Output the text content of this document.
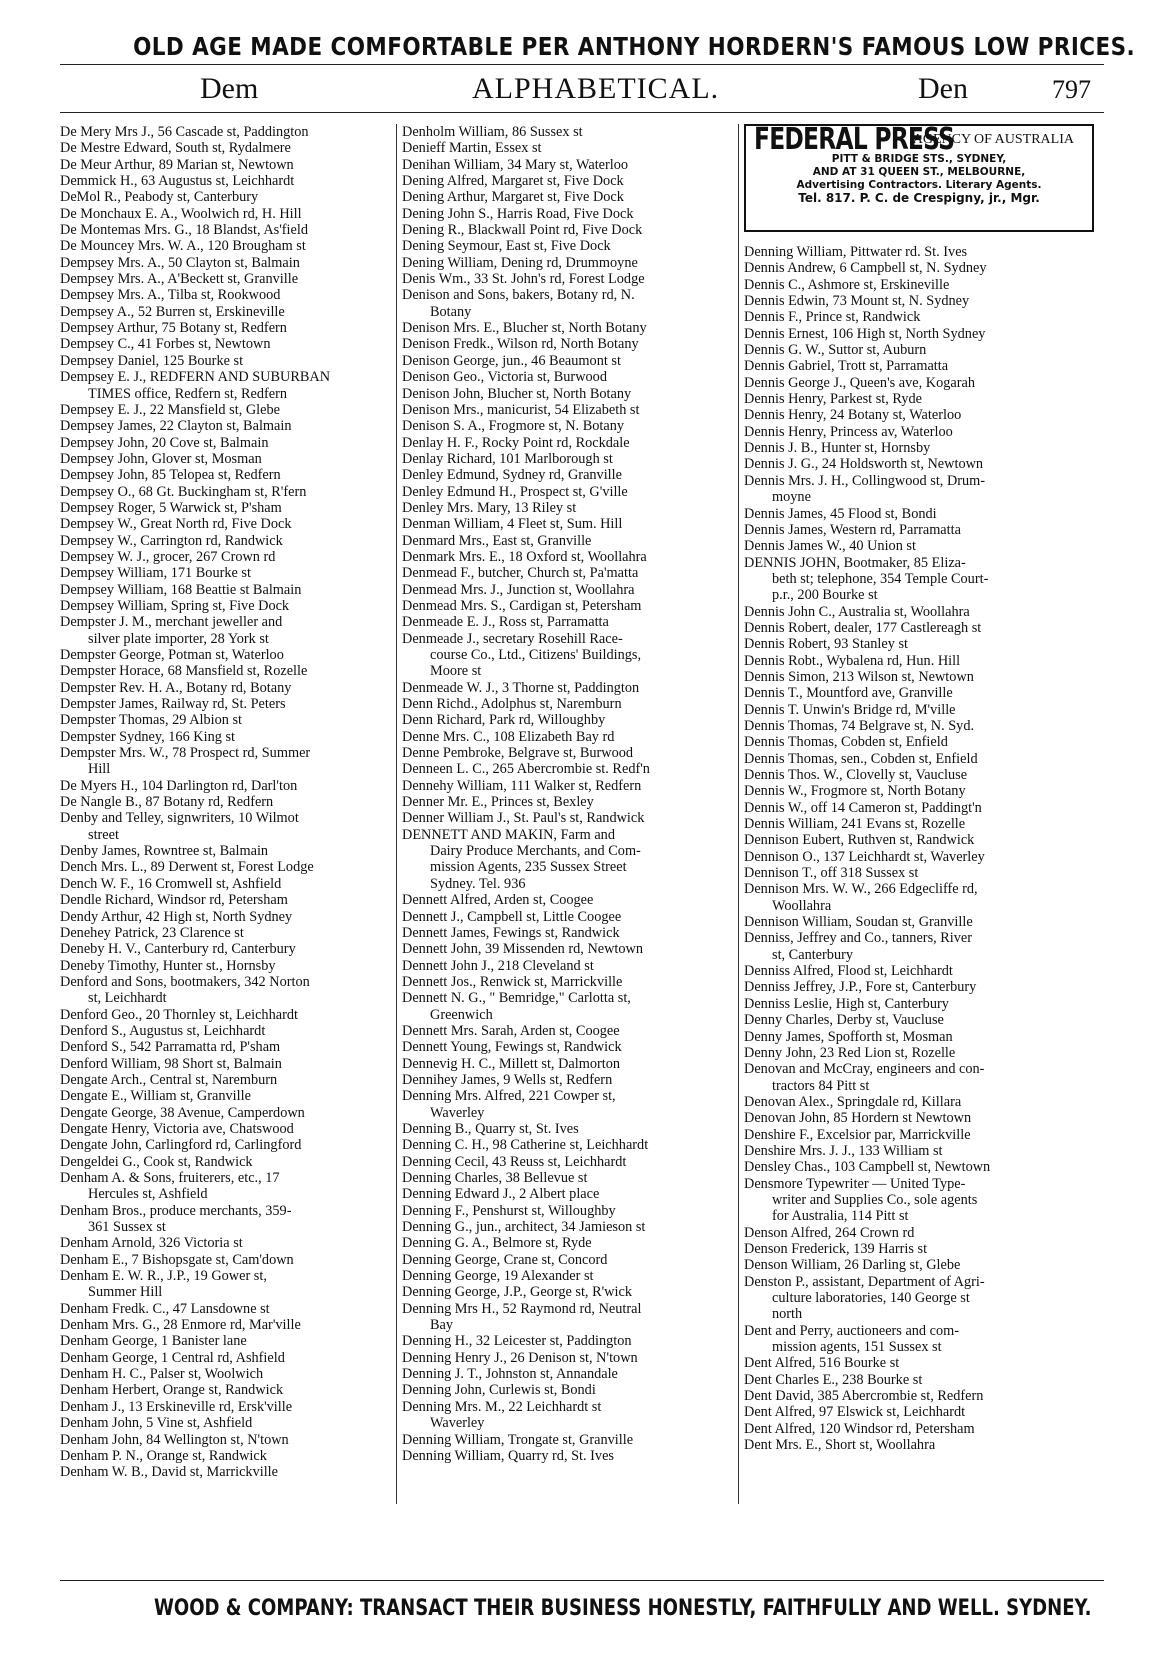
OLD AGE MADE COMFORTABLE PER ANTHONY HORDERN'S FAMOUS LOW PRICES.
Dem	ALPHABETICAL.	Den	797
De Mery Mrs J., 56 Cascade st, Paddington
De Mestre Edward, South st, Rydalmere
De Meur Arthur, 89 Marian st, Newtown
Demmick H., 63 Augustus st, Leichhardt
DeMol R., Peabody st, Canterbury
De Monchaux E. A., Woolwich rd, H. Hill
De Montemas Mrs. G., 18 Blandst, As'field
De Mouncey Mrs. W. A., 120 Brougham st
Dempsey Mrs. A., 50 Clayton st, Balmain
Dempsey Mrs. A., A'Beckett st, Granville
Dempsey Mrs. A., Tilba st, Rookwood
Dempsey A., 52 Burren st, Erskineville
Dempsey Arthur, 75 Botany st, Redfern
Dempsey C., 41 Forbes st, Newtown
Dempsey Daniel, 125 Bourke st
Dempsey E. J., REDFERN AND SUBURBAN
TIMES office, Redfern st, Redfern
Dempsey E. J., 22 Mansfield st, Glebe
Dempsey James, 22 Clayton st, Balmain
Dempsey John, 20 Cove st, Balmain
Dempsey John, Glover st, Mosman
Dempsey John, 85 Telopea st, Redfern
Dempsey O., 68 Gt. Buckingham st, R'fern
Dempsey Roger, 5 Warwick st, P'sham
Dempsey W., Great North rd, Five Dock
Dempsey W., Carrington rd, Randwick
Dempsey W. J., grocer, 267 Crown rd
Dempsey William, 171 Bourke st
Dempsey William, 168 Beattie st Balmain
Dempsey William, Spring st, Five Dock
Dempster J. M., merchant jeweller and
silver plate importer, 28 York st
Dempster George, Potman st, Waterloo
Dempster Horace, 68 Mansfield st, Rozelle
Dempster Rev. H. A., Botany rd, Botany
Dempster James, Railway rd, St. Peters
Dempster Thomas, 29 Albion st
Dempster Sydney, 166 King st
Dempster Mrs. W., 78 Prospect rd, Summer
Hill
De Myers H., 104 Darlington rd, Darl'ton
De Nangle B., 87 Botany rd, Redfern
Denby and Telley, signwriters, 10 Wilmot
street
Denby James, Rowntree st, Balmain
Dench Mrs. L., 89 Derwent st, Forest Lodge
Dench W. F., 16 Cromwell st, Ashfield
Dendle Richard, Windsor rd, Petersham
Dendy Arthur, 42 High st, North Sydney
Denehey Patrick, 23 Clarence st
Deneby H. V., Canterbury rd, Canterbury
Deneby Timothy, Hunter st., Hornsby
Denford and Sons, bootmakers, 342 Norton
st, Leichhardt
Denford Geo., 20 Thornley st, Leichhardt
Denford S., Augustus st, Leichhardt
Denford S., 542 Parramatta rd, P'sham
Denford William, 98 Short st, Balmain
Dengate Arch., Central st, Naremburn
Dengate E., William st, Granville
Dengate George, 38 Avenue, Camperdown
Dengate Henry, Victoria ave, Chatswood
Dengate John, Carlingford rd, Carlingford
Dengeldei G., Cook st, Randwick
Denham A. & Sons, fruiterers, etc., 17
Hercules st, Ashfield
Denham Bros., produce merchants, 359-
361 Sussex st
Denham Arnold, 326 Victoria st
Denham E., 7 Bishopsgate st, Cam'down
Denham E. W. R., J.P., 19 Gower st,
Summer Hill
Denham Fredk. C., 47 Lansdowne st
Denham Mrs. G., 28 Enmore rd, Mar'ville
Denham George, 1 Banister lane
Denham George, 1 Central rd, Ashfield
Denham H. C., Palser st, Woolwich
Denham Herbert, Orange st, Randwick
Denham J., 13 Erskineville rd, Ersk'ville
Denham John, 5 Vine st, Ashfield
Denham John, 84 Wellington st, N'town
Denham P. N., Orange st, Randwick
Denham W. B., David st, Marrickville
Denholm William, 86 Sussex st
Denieff Martin, Essex st
Denihan William, 34 Mary st, Waterloo
Dening Alfred, Margaret st, Five Dock
Dening Arthur, Margaret st, Five Dock
Dening John S., Harris Road, Five Dock
Dening R., Blackwall Point rd, Five Dock
Dening Seymour, East st, Five Dock
Dening William, Dening rd, Drummoyne
Denis Wm., 33 St. John's rd, Forest Lodge
Denison and Sons, bakers, Botany rd, N.
Botany
Denison Mrs. E., Blucher st, North Botany
Denison Fredk., Wilson rd, North Botany
Denison George, jun., 46 Beaumont st
Denison Geo., Victoria st, Burwood
Denison John, Blucher st, North Botany
Denison Mrs., manicurist, 54 Elizabeth st
Denison S. A., Frogmore st, N. Botany
Denlay H. F., Rocky Point rd, Rockdale
Denlay Richard, 101 Marlborough st
Denley Edmund, Sydney rd, Granville
Denley Edmund H., Prospect st, G'ville
Denley Mrs. Mary, 13 Riley st
Denman William, 4 Fleet st, Sum. Hill
Denmard Mrs., East st, Granville
Denmark Mrs. E., 18 Oxford st, Woollahra
Denmead F., butcher, Church st, Pa'matta
Denmead Mrs. J., Junction st, Woollahra
Denmead Mrs. S., Cardigan st, Petersham
Denmeade E. J., Ross st, Parramatta
Denmeade J., secretary Rosehill Race-
course Co., Ltd., Citizens' Buildings,
Moore st
Denmeade W. J., 3 Thorne st, Paddington
Denn Richd., Adolphus st, Naremburn
Denn Richard, Park rd, Willoughby
Denne Mrs. C., 108 Elizabeth Bay rd
Denne Pembroke, Belgrave st, Burwood
Denneen L. C., 265 Abercrombie st. Redf'n
Dennehy William, 111 Walker st, Redfern
Denner Mr. E., Princes st, Bexley
Denner William J., St. Paul's st, Randwick
DENNETT AND MAKIN, Farm and
Dairy Produce Merchants, and Com-
mission Agents, 235 Sussex Street
Sydney. Tel. 936
Dennett Alfred, Arden st, Coogee
Dennett J., Campbell st, Little Coogee
Dennett James, Fewings st, Randwick
Dennett John, 39 Missenden rd, Newtown
Dennett John J., 218 Cleveland st
Dennett Jos., Renwick st, Marrickville
Dennett N. G., " Bemridge," Carlotta st,
Greenwich
Dennett Mrs. Sarah, Arden st, Coogee
Dennett Young, Fewings st, Randwick
Dennevig H. C., Millett st, Dalmorton
Dennihey James, 9 Wells st, Redfern
Denning Mrs. Alfred, 221 Cowper st,
Waverley
Denning B., Quarry st, St. Ives
Denning C. H., 98 Catherine st, Leichhardt
Denning Cecil, 43 Reuss st, Leichhardt
Denning Charles, 38 Bellevue st
Denning Edward J., 2 Albert place
Denning F., Penshurst st, Willoughby
Denning G., jun., architect, 34 Jamieson st
Denning G. A., Belmore st, Ryde
Denning George, Crane st, Concord
Denning George, 19 Alexander st
Denning George, J.P., George st, R'wick
Denning Mrs H., 52 Raymond rd, Neutral
Bay
Denning H., 32 Leicester st, Paddington
Denning Henry J., 26 Denison st, N'town
Denning J. T., Johnston st, Annandale
Denning John, Curlewis st, Bondi
Denning Mrs. M., 22 Leichhardt st
Waverley
Denning William, Trongate st, Granville
Denning William, Quarry rd, St. Ives
FEDERAL PRESS
AGENCY OF AUSTRALIA
PITT & BRIDGE STS., SYDNEY,
AND AT 31 QUEEN ST., MELBOURNE,
Advertising Contractors. Literary Agents.
Tel. 817. P. C. de Crespigny, jr., Mgr.
Denning William, Pittwater rd. St. Ives
Dennis Andrew, 6 Campbell st, N. Sydney
Dennis C., Ashmore st, Erskineville
Dennis Edwin, 73 Mount st, N. Sydney
Dennis F., Prince st, Randwick
Dennis Ernest, 106 High st, North Sydney
Dennis G. W., Suttor st, Auburn
Dennis Gabriel, Trott st, Parramatta
Dennis George J., Queen's ave, Kogarah
Dennis Henry, Parkest st, Ryde
Dennis Henry, 24 Botany st, Waterloo
Dennis Henry, Princess av, Waterloo
Dennis J. B., Hunter st, Hornsby
Dennis J. G., 24 Holdsworth st, Newtown
Dennis Mrs. J. H., Collingwood st, Drum-
moyne
Dennis James, 45 Flood st, Bondi
Dennis James, Western rd, Parramatta
Dennis James W., 40 Union st
DENNIS JOHN, Bootmaker, 85 Eliza-
beth st; telephone, 354 Temple Court-
p.r., 200 Bourke st
Dennis John C., Australia st, Woollahra
Dennis Robert, dealer, 177 Castlereagh st
Dennis Robert, 93 Stanley st
Dennis Robt., Wybalena rd, Hun. Hill
Dennis Simon, 213 Wilson st, Newtown
Dennis T., Mountford ave, Granville
Dennis T. Unwin's Bridge rd, M'ville
Dennis Thomas, 74 Belgrave st, N. Syd.
Dennis Thomas, Cobden st, Enfield
Dennis Thomas, sen., Cobden st, Enfield
Dennis Thos. W., Clovelly st, Vaucluse
Dennis W., Frogmore st, North Botany
Dennis W., off 14 Cameron st, Paddingt'n
Dennis William, 241 Evans st, Rozelle
Dennison Eubert, Ruthven st, Randwick
Dennison O., 137 Leichhardt st, Waverley
Dennison T., off 318 Sussex st
Dennison Mrs. W. W., 266 Edgecliffe rd,
Woollahra
Dennison William, Soudan st, Granville
Denniss, Jeffrey and Co., tanners, River
st, Canterbury
Denniss Alfred, Flood st, Leichhardt
Denniss Jeffrey, J.P., Fore st, Canterbury
Denniss Leslie, High st, Canterbury
Denny Charles, Derby st, Vaucluse
Denny James, Spofforth st, Mosman
Denny John, 23 Red Lion st, Rozelle
Denovan and McCray, engineers and con-
tractors 84 Pitt st
Denovan Alex., Springdale rd, Killara
Denovan John, 85 Hordern st Newtown
Denshire F., Excelsior par, Marrickville
Denshire Mrs. J. J., 133 William st
Densley Chas., 103 Campbell st, Newtown
Densmore Typewriter — United Type-
writer and Supplies Co., sole agents
for Australia, 114 Pitt st
Denson Alfred, 264 Crown rd
Denson Frederick, 139 Harris st
Denson William, 26 Darling st, Glebe
Denston P., assistant, Department of Agri-
culture laboratories, 140 George st
north
Dent and Perry, auctioneers and com-
mission agents, 151 Sussex st
Dent Alfred, 516 Bourke st
Dent Charles E., 238 Bourke st
Dent David, 385 Abercrombie st, Redfern
Dent Alfred, 97 Elswick st, Leichhardt
Dent Alfred, 120 Windsor rd, Petersham
Dent Mrs. E., Short st, Woollahra
WOOD & COMPANY: TRANSACT THEIR BUSINESS HONESTLY, FAITHFULLY AND WELL. SYDNEY.
